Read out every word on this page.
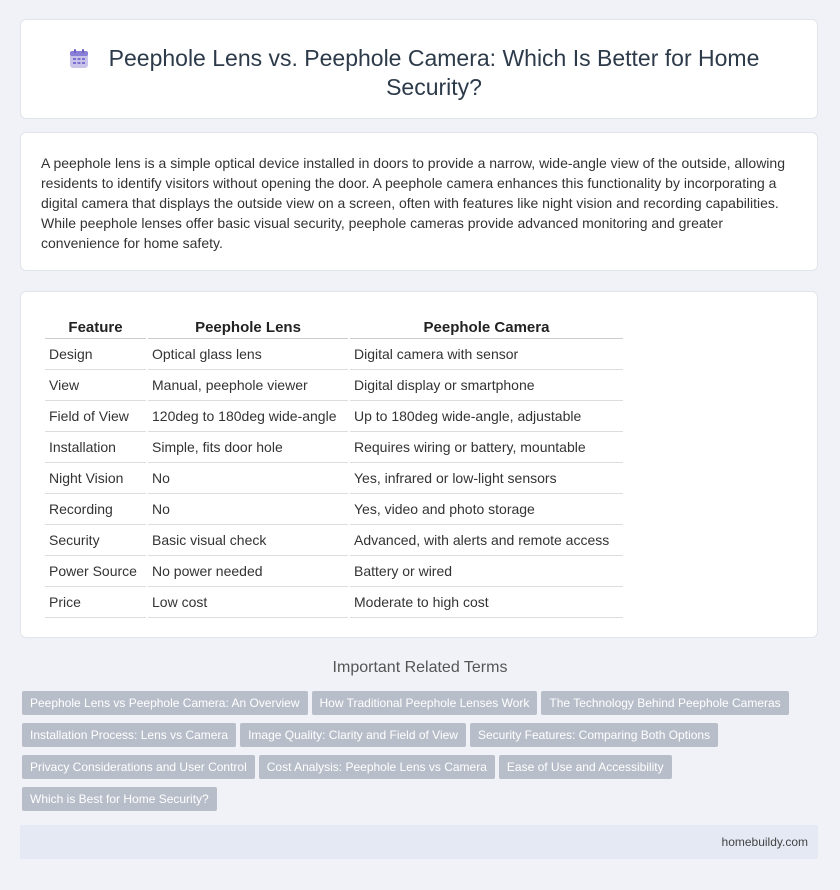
Peephole Lens vs. Peephole Camera: Which Is Better for Home Security?

A peephole lens is a simple optical device installed in doors to provide a narrow, wide-angle view of the outside, allowing residents to identify visitors without opening the door. A peephole camera enhances this functionality by incorporating a digital camera that displays the outside view on a screen, often with features like night vision and recording capabilities. While peephole lenses offer basic visual security, peephole cameras provide advanced monitoring and greater convenience for home safety.

Feature	Peephole Lens	Peephole Camera
Design	Optical glass lens	Digital camera with sensor
View	Manual, peephole viewer	Digital display or smartphone
Field of View	120deg to 180deg wide-angle	Up to 180deg wide-angle, adjustable
Installation	Simple, fits door hole	Requires wiring or battery, mountable
Night Vision	No	Yes, infrared or low-light sensors
Recording	No	Yes, video and photo storage
Security	Basic visual check	Advanced, with alerts and remote access
Power Source	No power needed	Battery or wired
Price	Low cost	Moderate to high cost
Important Related Terms
Peephole Lens vs Peephole Camera: An Overview How Traditional Peephole Lenses Work The Technology Behind Peephole Cameras
Installation Process: Lens vs Camera Image Quality: Clarity and Field of View Security Features: Comparing Both Options
Privacy Considerations and User Control Cost Analysis: Peephole Lens vs Camera Ease of Use and Accessibility
Which is Best for Home Security?
homebuildy.com
